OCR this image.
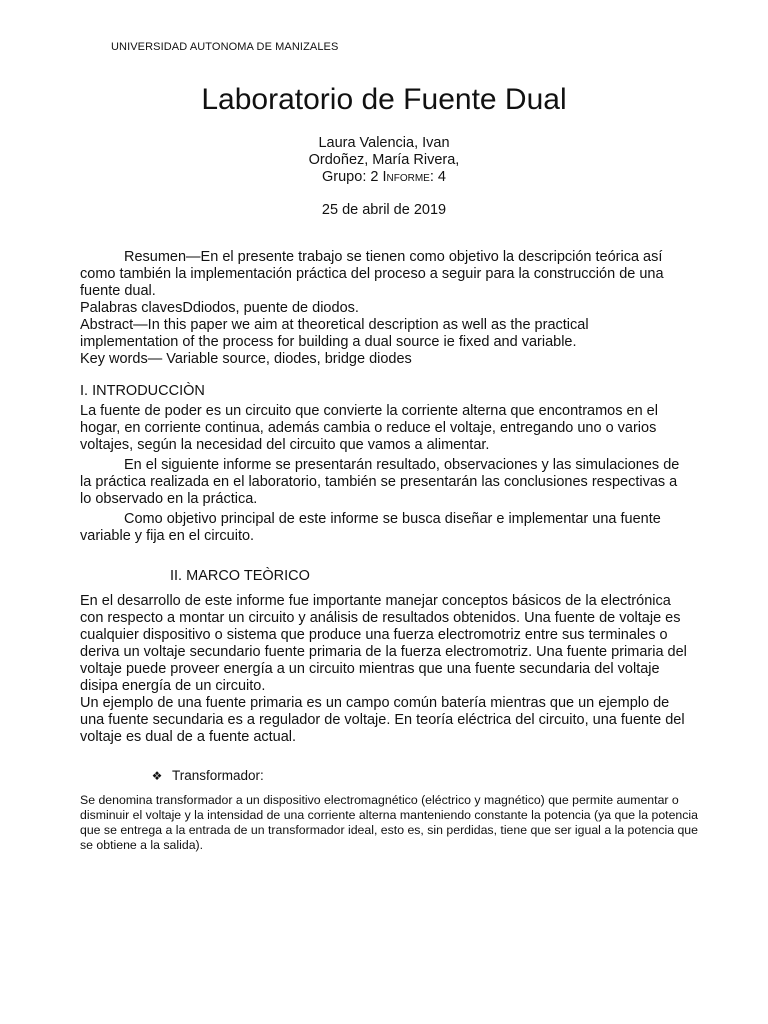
UNIVERSIDAD AUTONOMA DE MANIZALES
Laboratorio de Fuente Dual
Laura Valencia, Ivan
Ordoñez, María Rivera,
Grupo: 2 Informe: 4
25 de abril de 2019

Resumen—En el presente trabajo se tienen como objetivo la descripción teórica así como también la implementación práctica del proceso a seguir para la construcción de una fuente dual.

Palabras clavesDdiodos, puente de diodos.

Abstract—In this paper we aim at theoretical description as well as the practical implementation of the process for building a dual source ie fixed and variable.

Key words— Variable source, diodes, bridge diodes

I. INTRODUCCIÒN

La fuente de poder es un circuito que convierte la corriente alterna que encontramos en el hogar, en corriente continua, además cambia o reduce el voltaje, entregando uno o varios voltajes, según la necesidad del circuito que vamos a alimentar.

En el siguiente informe se presentarán resultado, observaciones y las simulaciones de la práctica realizada en el laboratorio, también se presentarán las conclusiones respectivas a lo observado en la práctica.

Como objetivo principal de este informe se busca diseñar e implementar una fuente variable y fija en el circuito.

II. MARCO TEÒRICO

En el desarrollo de este informe fue importante manejar conceptos básicos de la electrónica con respecto a montar un circuito y análisis de resultados obtenidos. Una fuente de voltaje es cualquier dispositivo o sistema que produce una fuerza electromotriz entre sus terminales o deriva un voltaje secundario fuente primaria de la fuerza electromotriz. Una fuente primaria del voltaje puede proveer energía a un circuito mientras que una fuente secundaria del voltaje disipa energía de un circuito.

Un ejemplo de una fuente primaria es un campo común batería mientras que un ejemplo de una fuente secundaria es a regulador de voltaje. En teoría eléctrica del circuito, una fuente del voltaje es dual de a fuente actual.

❖ Transformador:
Se denomina transformador a un dispositivo electromagnético (eléctrico y magnético) que permite aumentar o disminuir el voltaje y la intensidad de una corriente alterna manteniendo constante la potencia (ya que la potencia que se entrega a la entrada de un transformador ideal, esto es, sin perdidas, tiene que ser igual a la potencia que se obtiene a la salida).
